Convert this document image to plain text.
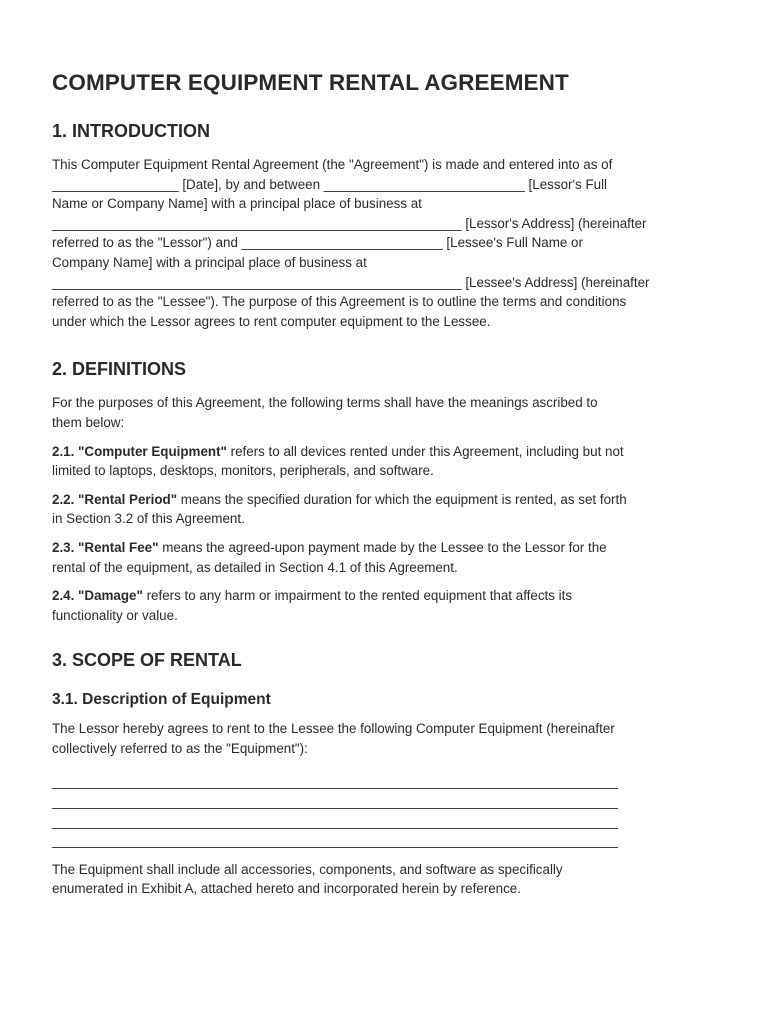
COMPUTER EQUIPMENT RENTAL AGREEMENT
1. INTRODUCTION

This Computer Equipment Rental Agreement (the "Agreement") is made and entered into as of
_________________ [Date], by and between ___________________________ [Lessor's Full
Name or Company Name] with a principal place of business at
_______________________________________________________ [Lessor's Address] (hereinafter
referred to as the "Lessor") and ___________________________ [Lessee's Full Name or
Company Name] with a principal place of business at
_______________________________________________________ [Lessee's Address] (hereinafter
referred to as the "Lessee"). The purpose of this Agreement is to outline the terms and conditions
under which the Lessor agrees to rent computer equipment to the Lessee.

2. DEFINITIONS

For the purposes of this Agreement, the following terms shall have the meanings ascribed to
them below:

2.1. "Computer Equipment" refers to all devices rented under this Agreement, including but not
limited to laptops, desktops, monitors, peripherals, and software.

2.2. "Rental Period" means the specified duration for which the equipment is rented, as set forth
in Section 3.2 of this Agreement.

2.3. "Rental Fee" means the agreed-upon payment made by the Lessee to the Lessor for the
rental of the equipment, as detailed in Section 4.1 of this Agreement.

2.4. "Damage" refers to any harm or impairment to the rented equipment that affects its
functionality or value.

3. SCOPE OF RENTAL
3.1. Description of Equipment

The Lessor hereby agrees to rent to the Lessee the following Computer Equipment (hereinafter
collectively referred to as the "Equipment"):

____________________________________________________________________________
____________________________________________________________________________
____________________________________________________________________________
____________________________________________________________________________

The Equipment shall include all accessories, components, and software as specifically
enumerated in Exhibit A, attached hereto and incorporated herein by reference.
